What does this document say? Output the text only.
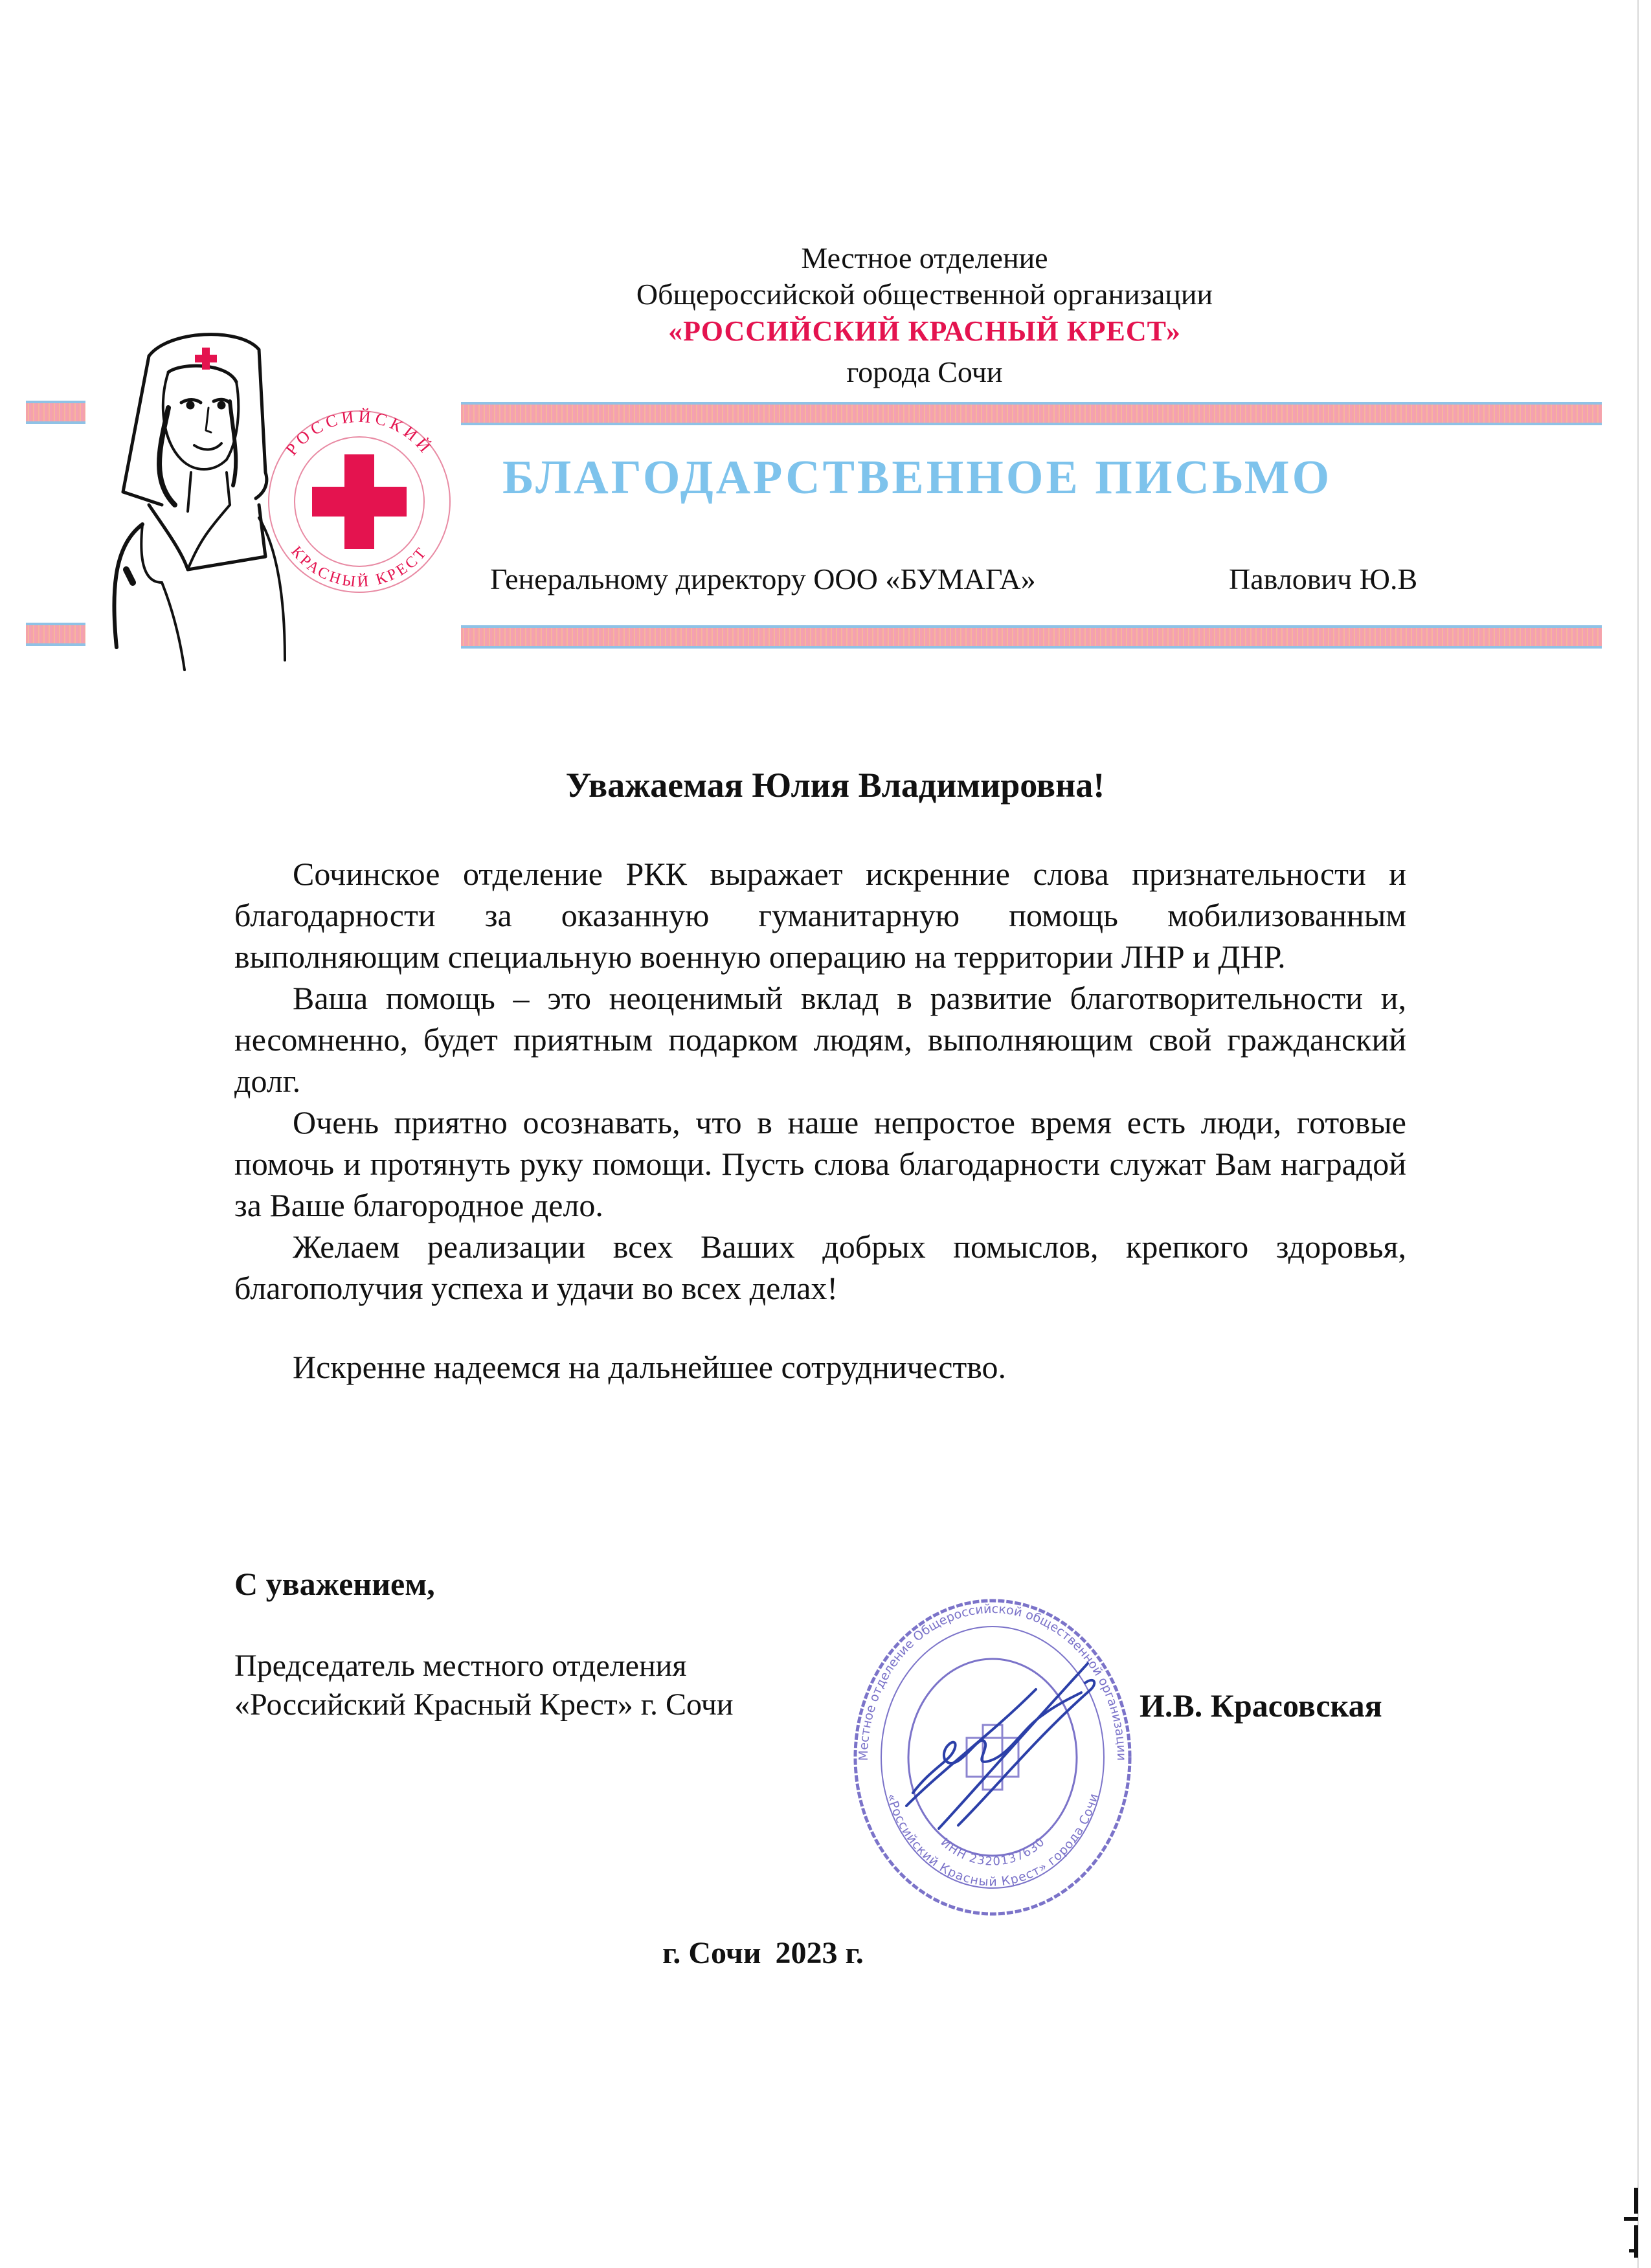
Местное отделение
Общероссийской общественной организации
«РОССИЙСКИЙ КРАСНЫЙ КРЕСТ»
города Сочи
РОССИЙСКИЙ
КРАСНЫЙ КРЕСТ
БЛАГОДАРСТВЕННОЕ ПИСЬМО
Генеральному директору ООО «БУМАГА»	Павлович Ю.В
Уважаемая Юлия Владимировна!

Сочинское отделение РКК выражает искренние слова признательности и благодарности за оказанную гуманитарную помощь мобилизованным выполняющим специальную военную операцию на территории ЛНР и ДНР.

Ваша помощь – это неоценимый вклад в развитие благотворительности и, несомненно, будет приятным подарком людям, выполняющим свой гражданский долг.

Очень приятно осознавать, что в наше непростое время есть люди, готовые помочь и протянуть руку помощи. Пусть слова благодарности служат Вам наградой за Ваше благородное дело.

Желаем реализации всех Ваших добрых помыслов, крепкого здоровья, благополучия успеха и удачи во всех делах!

Искренне надеемся на дальнейшее сотрудничество.

С уважением,
Председатель местного отделения
«Российский Красный Крест» г. Сочи	И.В. Красовская
Местное отделение Общероссийской общественной организации
«Российский Красный Крест» города Сочи
ИНН 2320137630
г. Сочи 2023 г.
